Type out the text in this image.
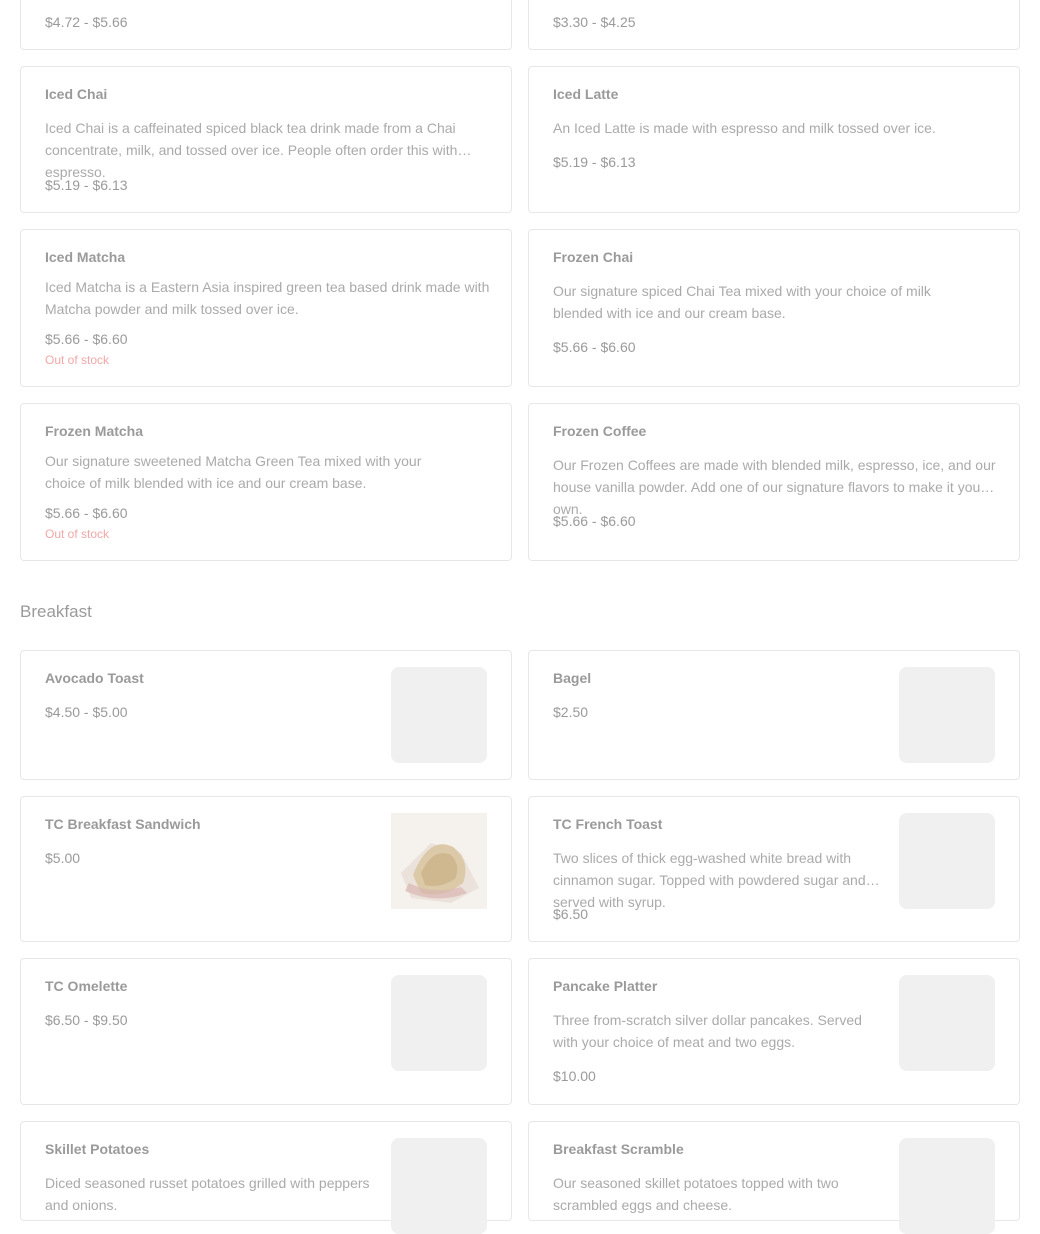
$4.72 - $5.66	$3.30 - $4.25
Iced Chai
Iced Chai is a caffeinated spiced black tea drink made from a Chai concentrate, milk, and tossed over ice. People often order this with espresso.
$5.19 - $6.13
Iced Latte
An Iced Latte is made with espresso and milk tossed over ice.
$5.19 - $6.13
Iced Matcha
Iced Matcha is a Eastern Asia inspired green tea based drink made with Matcha powder and milk tossed over ice.
$5.66 - $6.60
Out of stock
Frozen Chai
Our signature spiced Chai Tea mixed with your choice of milk blended with ice and our cream base.
$5.66 - $6.60
Frozen Matcha
Our signature sweetened Matcha Green Tea mixed with your choice of milk blended with ice and our cream base.
$5.66 - $6.60
Out of stock
Frozen Coffee
Our Frozen Coffees are made with blended milk, espresso, ice, and our house vanilla powder. Add one of our signature flavors to make it your own.
$5.66 - $6.60
Breakfast
Avocado Toast
$4.50 - $5.00
Bagel
$2.50
TC Breakfast Sandwich
$5.00
TC French Toast
Two slices of thick egg-washed white bread with cinnamon sugar. Topped with powdered sugar and served with syrup.
$6.50
TC Omelette
$6.50 - $9.50
Pancake Platter
Three from-scratch silver dollar pancakes. Served with your choice of meat and two eggs.
$10.00
Skillet Potatoes
Diced seasoned russet potatoes grilled with peppers and onions.
Breakfast Scramble
Our seasoned skillet potatoes topped with two scrambled eggs and cheese.
